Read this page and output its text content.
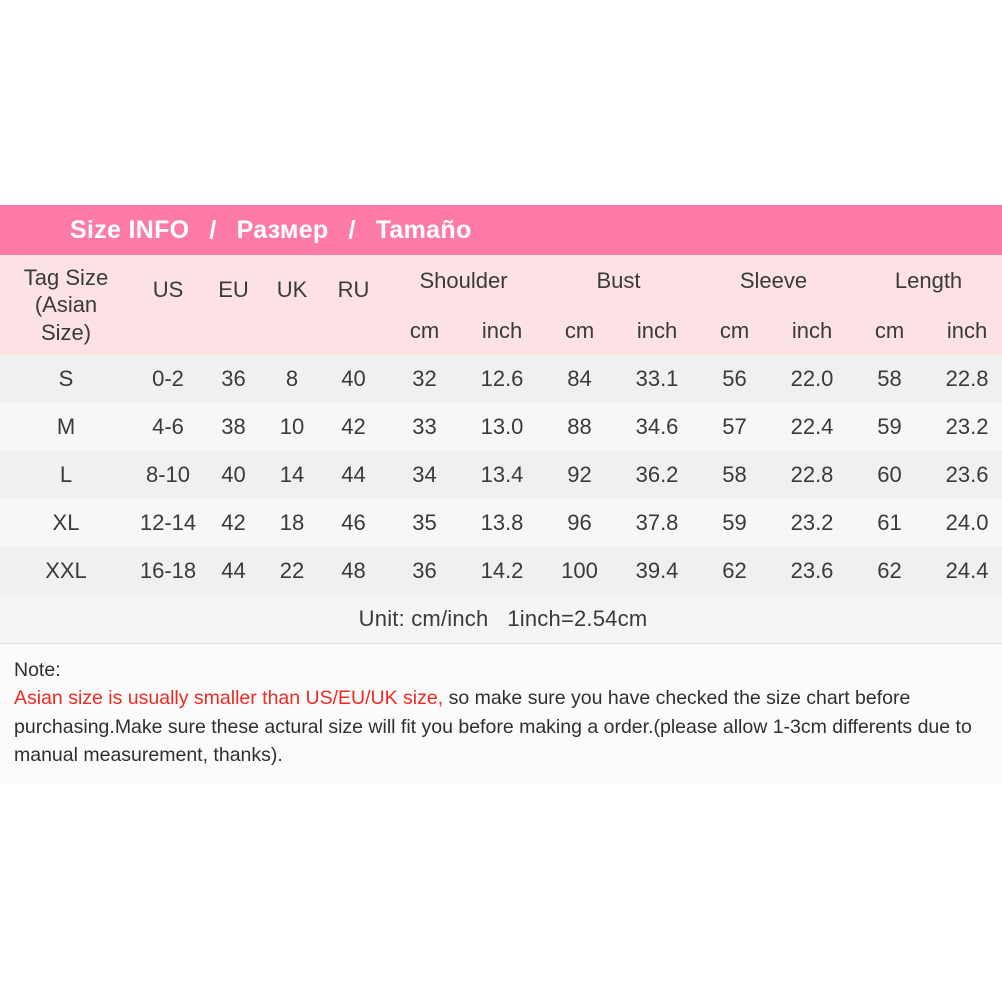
Size INFO / Размер / Tamaño
Tag Size
(Asian
Size)	US	EU	UK	RU	Shoulder		Bust		Sleeve		Length	
					cm	inch	cm	inch	cm	inch	cm	inch
S	0-2	36	8	40	32	12.6	84	33.1	56	22.0	58	22.8
M	4-6	38	10	42	33	13.0	88	34.6	57	22.4	59	23.2
L	8-10	40	14	44	34	13.4	92	36.2	58	22.8	60	23.6
XL	12-14	42	18	46	35	13.8	96	37.8	59	23.2	61	24.0
XXL	16-18	44	22	48	36	14.2	100	39.4	62	23.6	62	24.4
Unit: cm/inch   1inch=2.54cm												
Note:
Asian size is usually smaller than US/EU/UK size, so make sure you have checked the size chart before purchasing.Make sure these actural size will fit you before making a order.(please allow 1-3cm differents due to manual measurement, thanks).
